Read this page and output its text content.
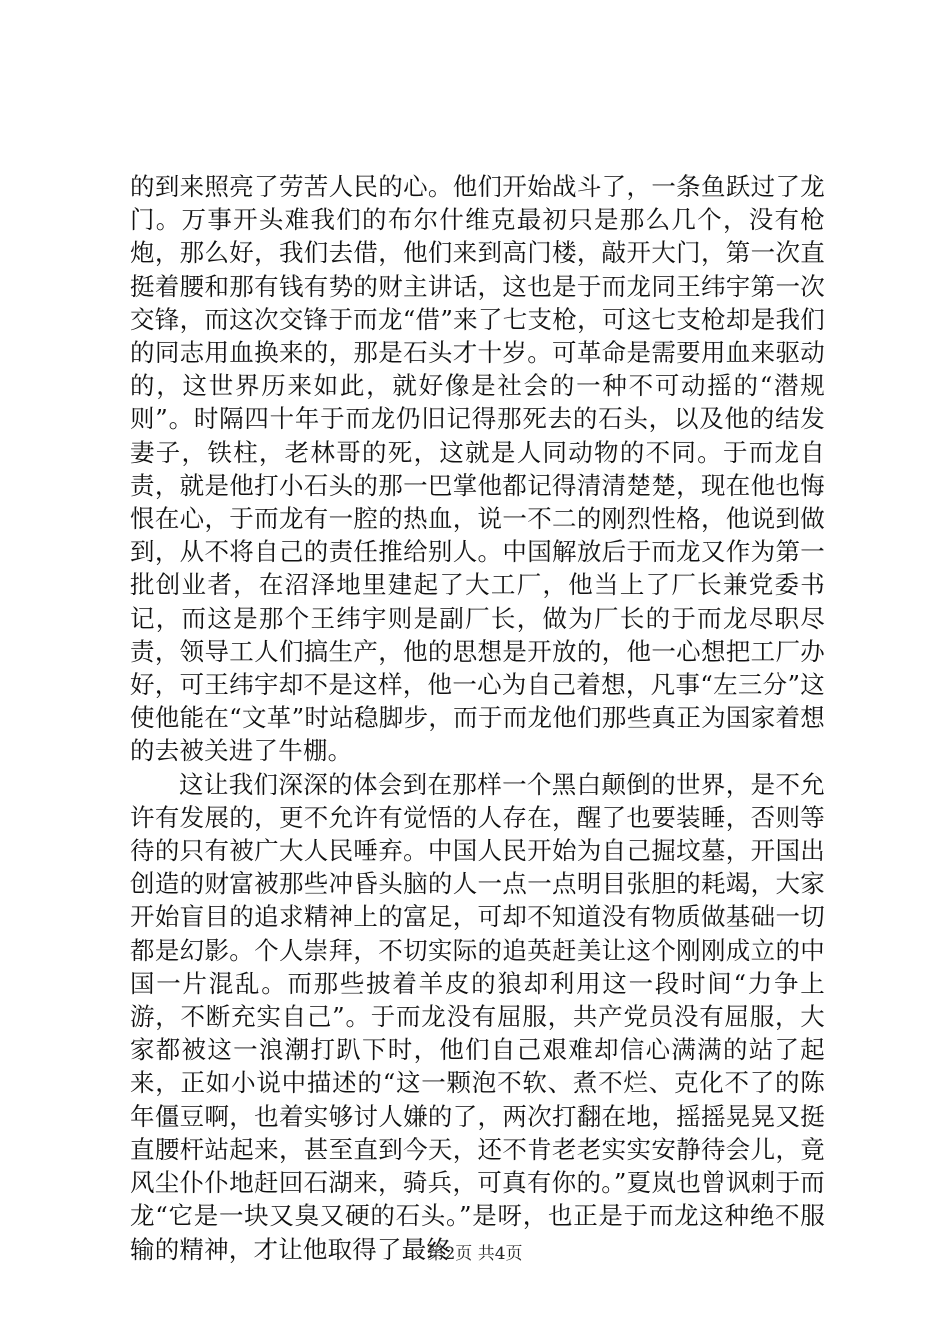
的到来照亮了劳苦人民的心。他们开始战斗了，一条鱼跃过了龙门。万事开头难我们的布尔什维克最初只是那么几个，没有枪炮，那么好，我们去借，他们来到高门楼，敲开大门，第一次直挺着腰和那有钱有势的财主讲话，这也是于而龙同王纬宇第一次交锋，而这次交锋于而龙“借”来了七支枪，可这七支枪却是我们的同志用血换来的，那是石头才十岁。可革命是需要用血来驱动的，这世界历来如此，就好像是社会的一种不可动摇的“潜规则”。时隔四十年于而龙仍旧记得那死去的石头，以及他的结发妻子，铁柱，老林哥的死，这就是人同动物的不同。于而龙自责，就是他打小石头的那一巴掌他都记得清清楚楚，现在他也悔恨在心，于而龙有一腔的热血，说一不二的刚烈性格，他说到做到，从不将自己的责任推给别人。中国解放后于而龙又作为第一批创业者，在沼泽地里建起了大工厂，他当上了厂长兼党委书记，而这是那个王纬宇则是副厂长，做为厂长的于而龙尽职尽责，领导工人们搞生产，他的思想是开放的，他一心想把工厂办好，可王纬宇却不是这样，他一心为自己着想，凡事“左三分”这使他能在“文革”时站稳脚步，而于而龙他们那些真正为国家着想的去被关进了牛棚。

这让我们深深的体会到在那样一个黑白颠倒的世界，是不允许有发展的，更不允许有觉悟的人存在，醒了也要装睡，否则等待的只有被广大人民唾弃。中国人民开始为自己掘坟墓，开国出创造的财富被那些冲昏头脑的人一点一点明目张胆的耗竭，大家开始盲目的追求精神上的富足，可却不知道没有物质做基础一切都是幻影。个人崇拜，不切实际的追英赶美让这个刚刚成立的中国一片混乱。而那些披着羊皮的狼却利用这一段时间“力争上游，不断充实自己”。于而龙没有屈服，共产党员没有屈服，大家都被这一浪潮打趴下时，他们自己艰难却信心满满的站了起来，正如小说中描述的“这一颗泡不软、煮不烂、克化不了的陈年僵豆啊，也着实够讨人嫌的了，两次打翻在地，摇摇晃晃又挺直腰杆站起来，甚至直到今天，还不肯老老实实安静待会儿，竟风尘仆仆地赶回石湖来，骑兵，可真有你的。”夏岚也曾讽刺于而龙“它是一块又臭又硬的石头。”是呀，也正是于而龙这种绝不服输的精神，才让他取得了最终

第2页 共4页
